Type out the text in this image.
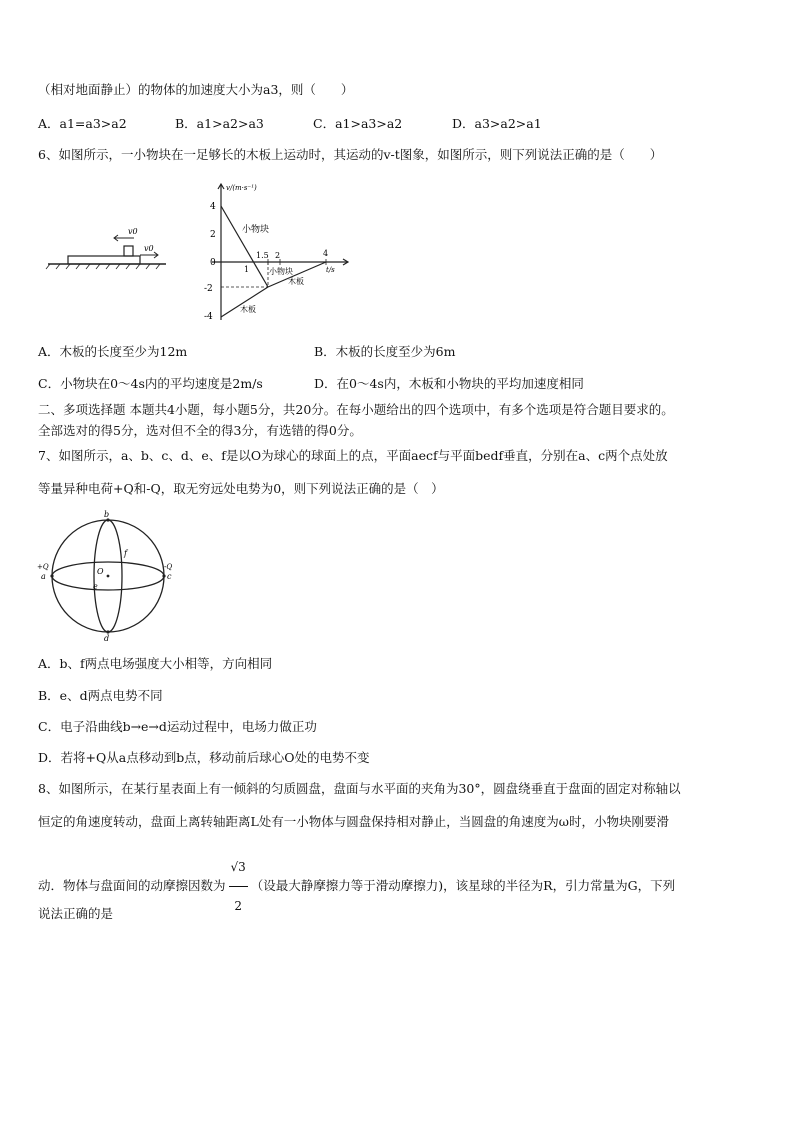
（相对地面静止）的物体的加速度大小为a3，则（　　）
A．a1=a3>a2	B．a1>a2>a3	C．a1>a3>a2	D．a3>a2>a1
6、如图所示，一小物块在一足够长的木板上运动时，其运动的v-t图象，如图所示，则下列说法正确的是（　　）
v0
v0
v/(m·s⁻¹)
t/s
4
2
0
-2
-4
1
1.5 2	4
小物块
小物块
木板
木板
A．木板的长度至少为12m	B．木板的长度至少为6m
C．小物块在0～4s内的平均速度是2m/s	D．在0～4s内，木板和小物块的平均加速度相同
二、多项选择题 本题共4小题，每小题5分，共20分。在每小题给出的四个选项中，有多个选项是符合题目要求的。
全部选对的得5分，选对但不全的得3分，有选错的得0分。
7、如图所示，a、b、c、d、e、f是以O为球心的球面上的点，平面aecf与平面bedf垂直，分别在a、c两个点处放
等量异种电荷+Q和-Q，取无穷远处电势为0，则下列说法正确的是（　）
b
d
a	c
e
f
O
+Q	-Q
A．b、f两点电场强度大小相等，方向相同
B．e、d两点电势不同
C．电子沿曲线b→e→d运动过程中，电场力做正功
D．若将+Q从a点移动到b点，移动前后球心O处的电势不变
8、如图所示，在某行星表面上有一倾斜的匀质圆盘，盘面与水平面的夹角为30°，圆盘绕垂直于盘面的固定对称轴以
恒定的角速度转动，盘面上离转轴距离L处有一小物体与圆盘保持相对静止，当圆盘的角速度为ω时，小物块刚要滑
动．物体与盘面间的动摩擦因数为 $\frac{√3}{2}$ （设最大静摩擦力等于滑动摩擦力)，该星球的半径为R，引力常量为G，下列
说法正确的是
